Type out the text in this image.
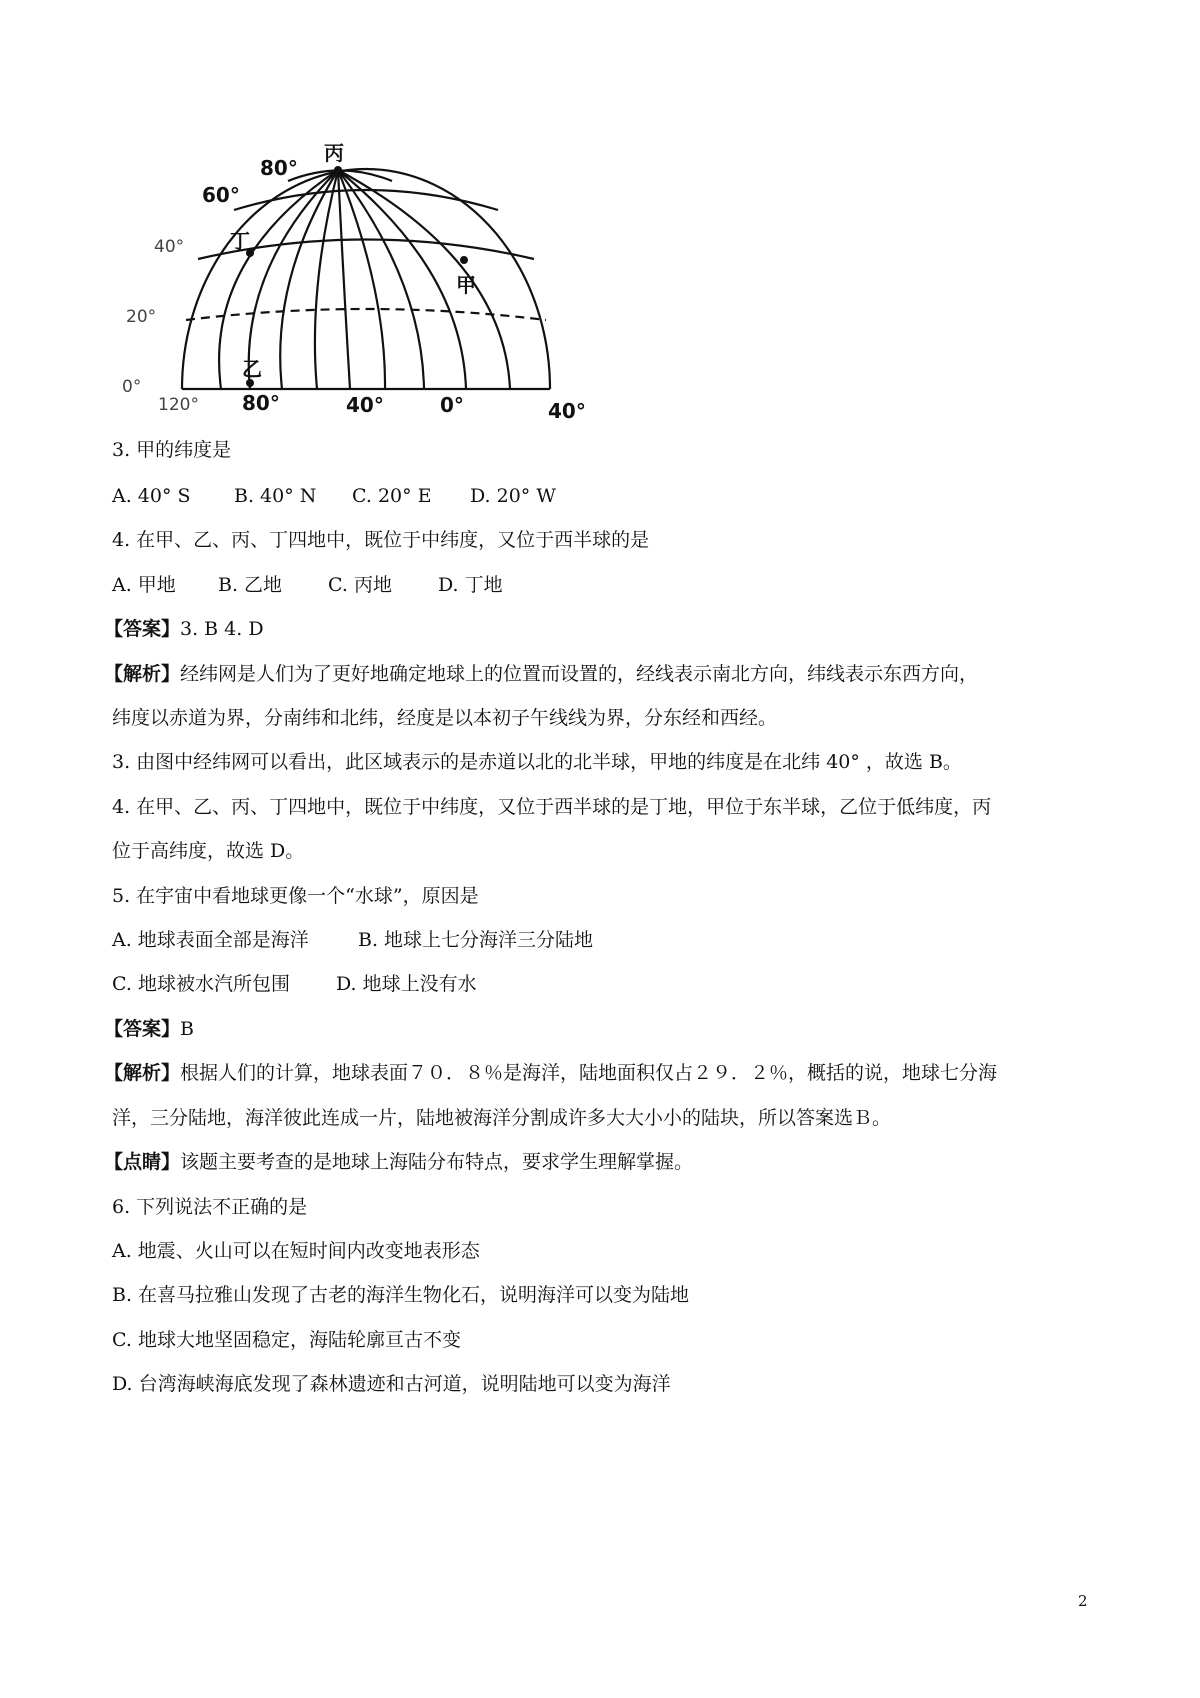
80°
60°
丙
丁
甲
乙
80°	40°	0°	40°
40°
20°
0°
120°
3. 甲的纬度是
A. 40° S B. 40° N C. 20° E D. 20° W
4. 在甲、乙、丙、丁四地中，既位于中纬度，又位于西半球的是
A. 甲地 B. 乙地 C. 丙地 D. 丁地
【答案】3. B 4. D
【解析】经纬网是人们为了更好地确定地球上的位置而设置的，经线表示南北方向，纬线表示东西方向，
纬度以赤道为界，分南纬和北纬，经度是以本初子午线线为界，分东经和西经。
3. 由图中经纬网可以看出，此区域表示的是赤道以北的北半球，甲地的纬度是在北纬 40° ，故选 B。
4. 在甲、乙、丙、丁四地中，既位于中纬度，又位于西半球的是丁地，甲位于东半球，乙位于低纬度，丙
位于高纬度，故选 D。
5. 在宇宙中看地球更像一个“水球”，原因是
A. 地球表面全部是海洋	B. 地球上七分海洋三分陆地
C. 地球被水汽所包围 D. 地球上没有水
【答案】B
【解析】根据人们的计算，地球表面７０．８％是海洋，陆地面积仅占２９．２％，概括的说，地球七分海
洋，三分陆地，海洋彼此连成一片，陆地被海洋分割成许多大大小小的陆块，所以答案选Ｂ。
【点睛】该题主要考查的是地球上海陆分布特点，要求学生理解掌握。
6. 下列说法不正确的是
A. 地震、火山可以在短时间内改变地表形态
B. 在喜马拉雅山发现了古老的海洋生物化石，说明海洋可以变为陆地
C. 地球大地坚固稳定，海陆轮廓亘古不变
D. 台湾海峡海底发现了森林遗迹和古河道，说明陆地可以变为海洋
2
